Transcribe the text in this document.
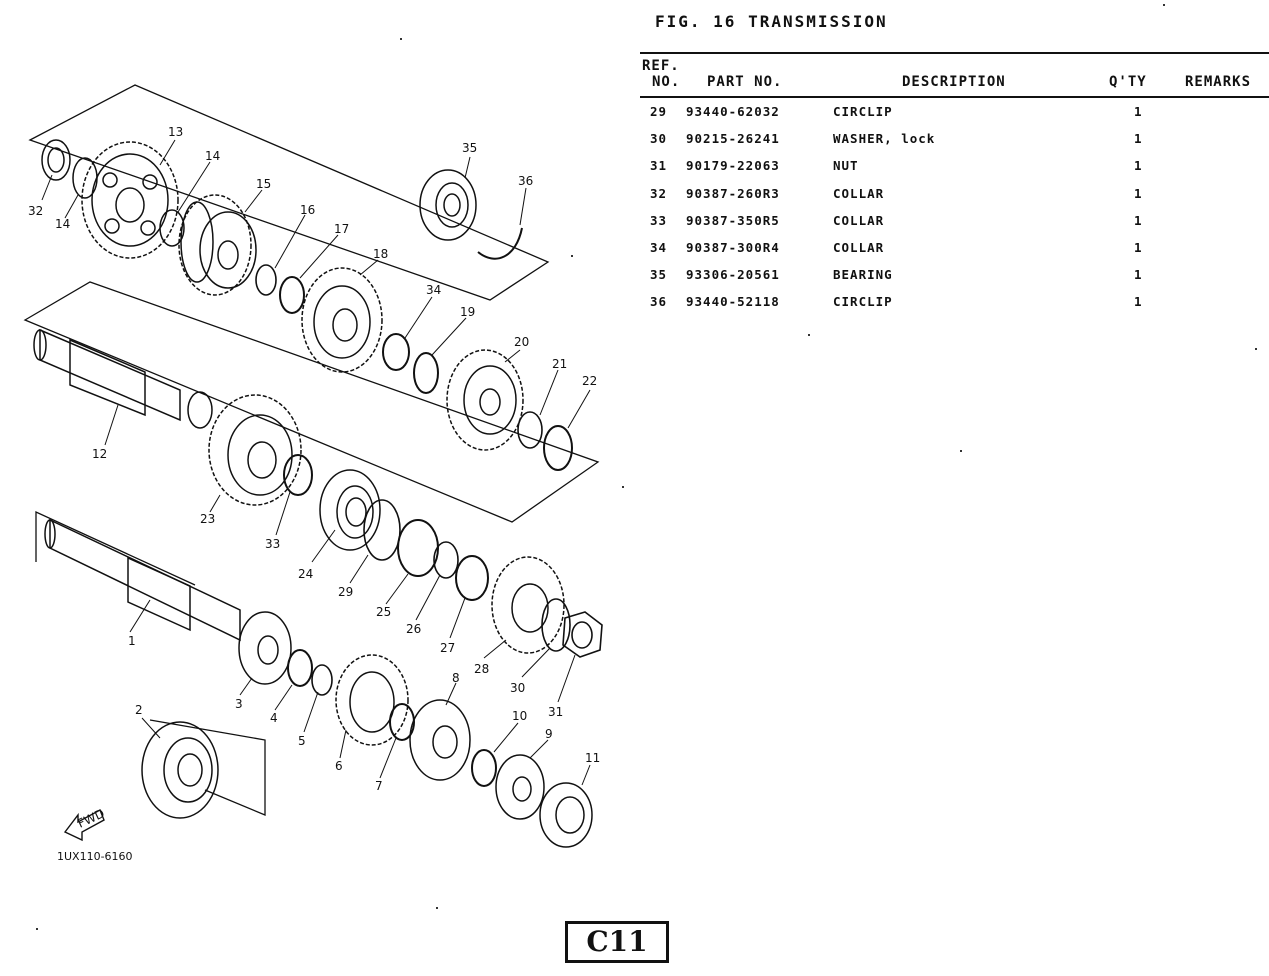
FWD
32
14
13
14
15
16
17
18
35
36
34
19
20
21
22
12
23
33
24
29
25
26
27
28
30
31
1
2	3
4
5
6
7
8
9
10
11
1UX110-6160
FIG. 16 TRANSMISSION
REF.
NO. PART NO.	DESCRIPTION	Q'TY	REMARKS
29 93440-62032	CIRCLIP	1
30 90215-26241	WASHER, lock	1
31 90179-22063	NUT	1
32 90387-260R3	COLLAR	1
33 90387-350R5	COLLAR	1
34 90387-300R4	COLLAR	1
35 93306-20561	BEARING	1
36 93440-52118	CIRCLIP	1
C11
